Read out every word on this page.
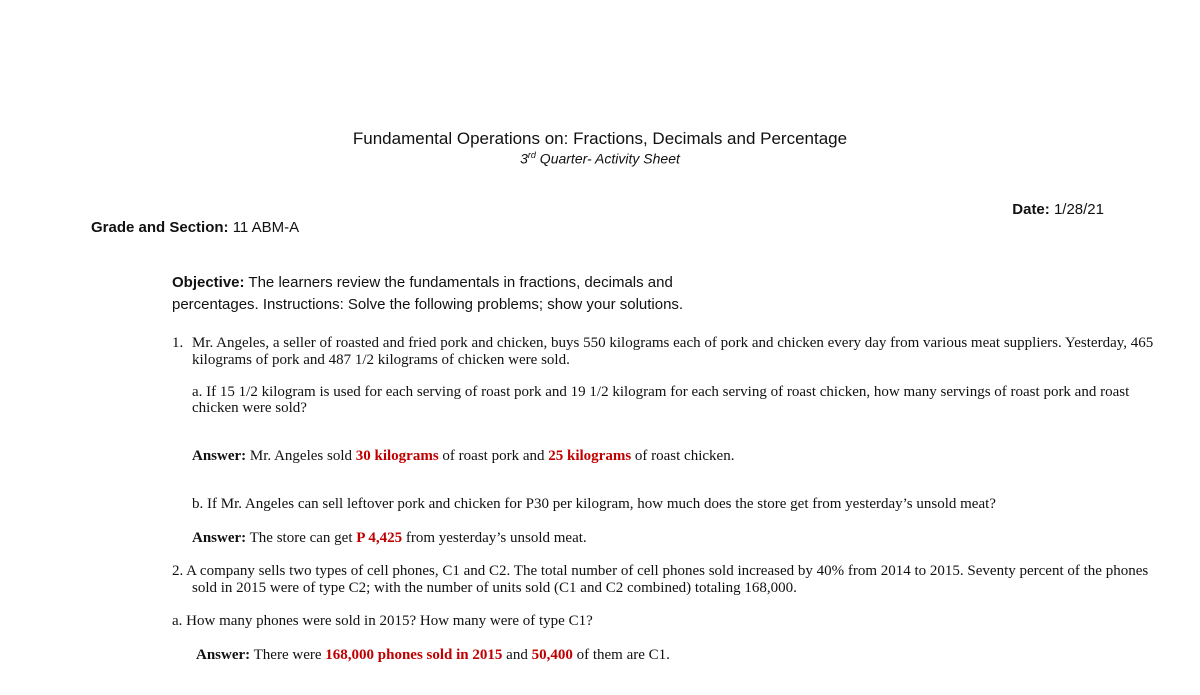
Fundamental Operations on: Fractions, Decimals and Percentage
3rd Quarter- Activity Sheet
Date: 1/28/21
Grade and Section: 11 ABM-A
Objective: The learners review the fundamentals in fractions, decimals and
percentages. Instructions: Solve the following problems; show your solutions.
1. Mr. Angeles, a seller of roasted and fried pork and chicken, buys 550 kilograms each of pork and chicken every day from various meat suppliers. Yesterday, 465
kilograms of pork and 487 1/2 kilograms of chicken were sold.
a. If 15 1/2 kilogram is used for each serving of roast pork and 19 1/2 kilogram for each serving of roast chicken, how many servings of roast pork and roast
chicken were sold?
Answer: Mr. Angeles sold 30 kilograms of roast pork and 25 kilograms of roast chicken.
b. If Mr. Angeles can sell leftover pork and chicken for P30 per kilogram, how much does the store get from yesterday’s unsold meat?
Answer: The store can get P 4,425 from yesterday’s unsold meat.
2. A company sells two types of cell phones, C1 and C2. The total number of cell phones sold increased by 40% from 2014 to 2015. Seventy percent of the phones
sold in 2015 were of type C2; with the number of units sold (C1 and C2 combined) totaling 168,000.
a. How many phones were sold in 2015? How many were of type C1?
Answer: There were 168,000 phones sold in 2015 and 50,400 of them are C1.
